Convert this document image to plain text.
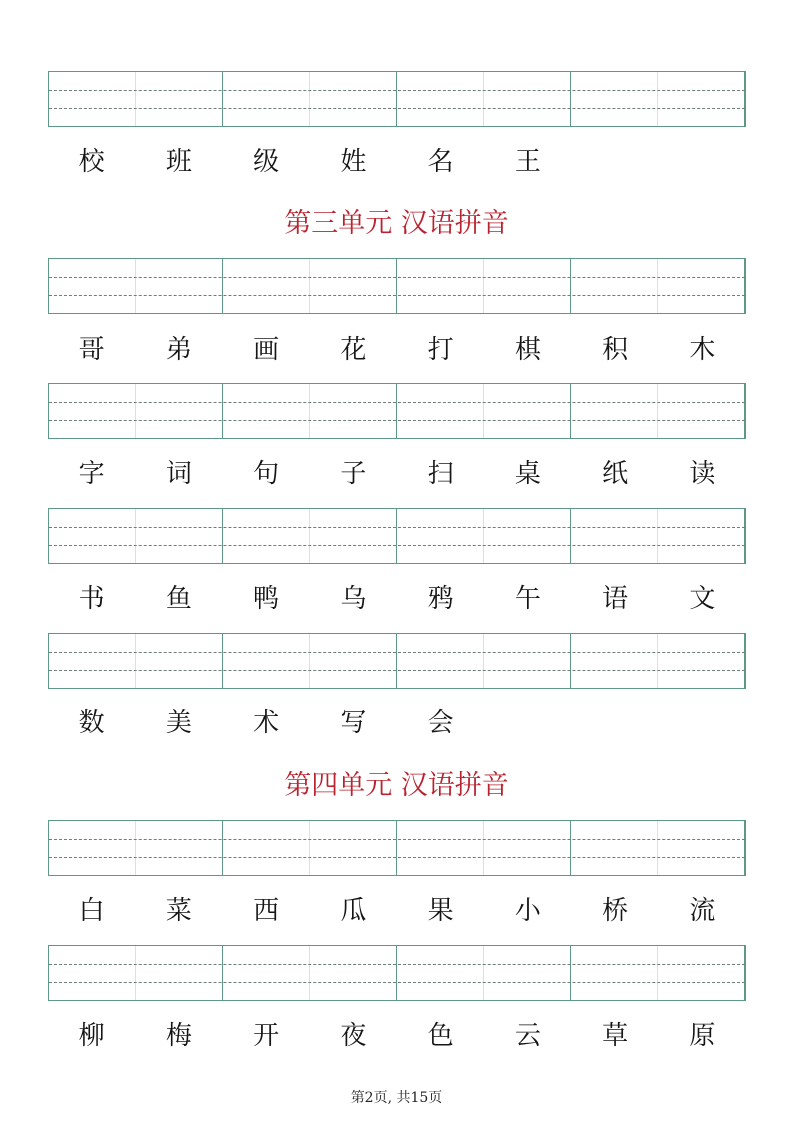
校	班	级	姓	名	王
第三单元 汉语拼音
哥	弟	画	花	打	棋	积	木
字	词	句	子	扫	桌	纸	读
书	鱼	鸭	乌	鸦	午	语	文
数	美	术	写	会
第四单元 汉语拼音
白	菜	西	瓜	果	小	桥	流
柳	梅	开	夜	色	云	草	原
第2页, 共15页
